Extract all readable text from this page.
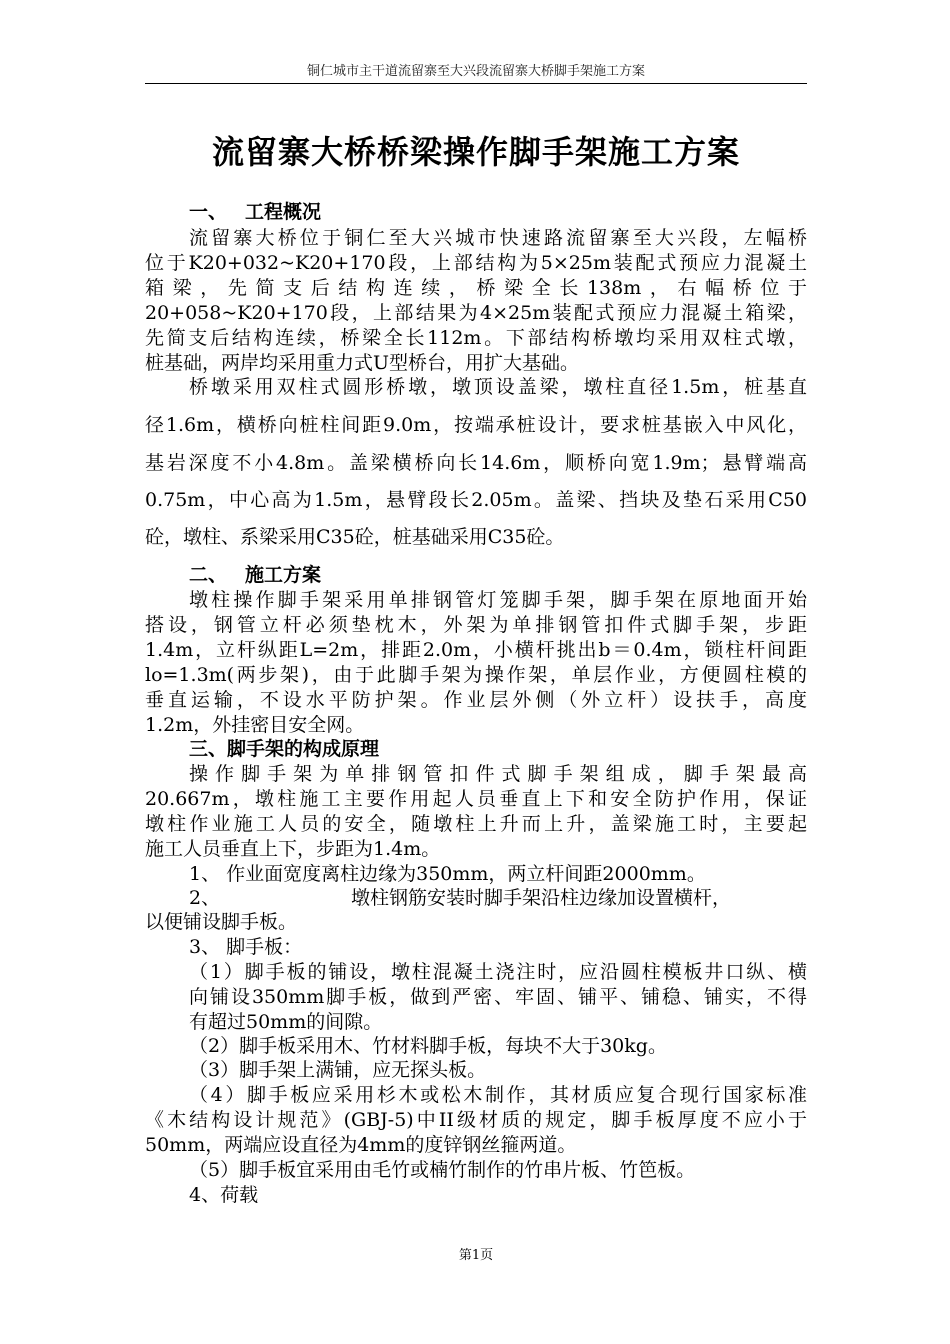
铜仁城市主干道流留寨至大兴段流留寨大桥脚手架施工方案
流留寨大桥桥梁操作脚手架施工方案
一、 工程概况
流留寨大桥位于铜仁至大兴城市快速路流留寨至大兴段，左幅桥
位于K20+032~K20+170段，上部结构为5×25m装配式预应力混凝土
箱梁，先简支后结构连续，桥梁全长138m，右幅桥位于
20+058~K20+170段，上部结果为4×25m装配式预应力混凝土箱梁，
先简支后结构连续，桥梁全长112m。下部结构桥墩均采用双柱式墩，
桩基础，两岸均采用重力式U型桥台，用扩大基础。
桥墩采用双柱式圆形桥墩，墩顶设盖梁，墩柱直径1.5m，桩基直
径1.6m，横桥向桩柱间距9.0m，按端承桩设计，要求桩基嵌入中风化，
基岩深度不小4.8m。盖梁横桥向长14.6m，顺桥向宽1.9m；悬臂端高
0.75m，中心高为1.5m，悬臂段长2.05m。盖梁、挡块及垫石采用C50
砼，墩柱、系梁采用C35砼，桩基础采用C35砼。
二、 施工方案
墩柱操作脚手架采用单排钢管灯笼脚手架，脚手架在原地面开始
搭设，钢管立杆必须垫枕木，外架为单排钢管扣件式脚手架，步距
1.4m，立杆纵距L=2m，排距2.0m，小横杆挑出b＝0.4m，锁柱杆间距
lo=1.3m(两步架)，由于此脚手架为操作架，单层作业，方便圆柱模的
垂直运输，不设水平防护架。作业层外侧（外立杆）设扶手，高度
1.2m，外挂密目安全网。
三、脚手架的构成原理
操作脚手架为单排钢管扣件式脚手架组成，脚手架最高
20.667m，墩柱施工主要作用起人员垂直上下和安全防护作用，保证
墩柱作业施工人员的安全，随墩柱上升而上升，盖梁施工时，主要起
施工人员垂直上下，步距为1.4m。
1、 作业面宽度离柱边缘为350mm，两立杆间距2000mm。
2、	墩柱钢筋安装时脚手架沿柱边缘加设置横杆，
以便铺设脚手板。
3、 脚手板：
（1）脚手板的铺设，墩柱混凝土浇注时，应沿圆柱模板井口纵、横
向铺设350mm脚手板，做到严密、牢固、铺平、铺稳、铺实，不得
有超过50mm的间隙。
（2）脚手板采用木、竹材料脚手板，每块不大于30kg。
（3）脚手架上满铺，应无探头板。
（4）脚手板应采用杉木或松木制作，其材质应复合现行国家标准
《木结构设计规范》(GBJ-5)中II级材质的规定，脚手板厚度不应小于
50mm，两端应设直径为4mm的度锌钢丝箍两道。
（5）脚手板宜采用由毛竹或楠竹制作的竹串片板、竹笆板。
4、荷载
第1页
